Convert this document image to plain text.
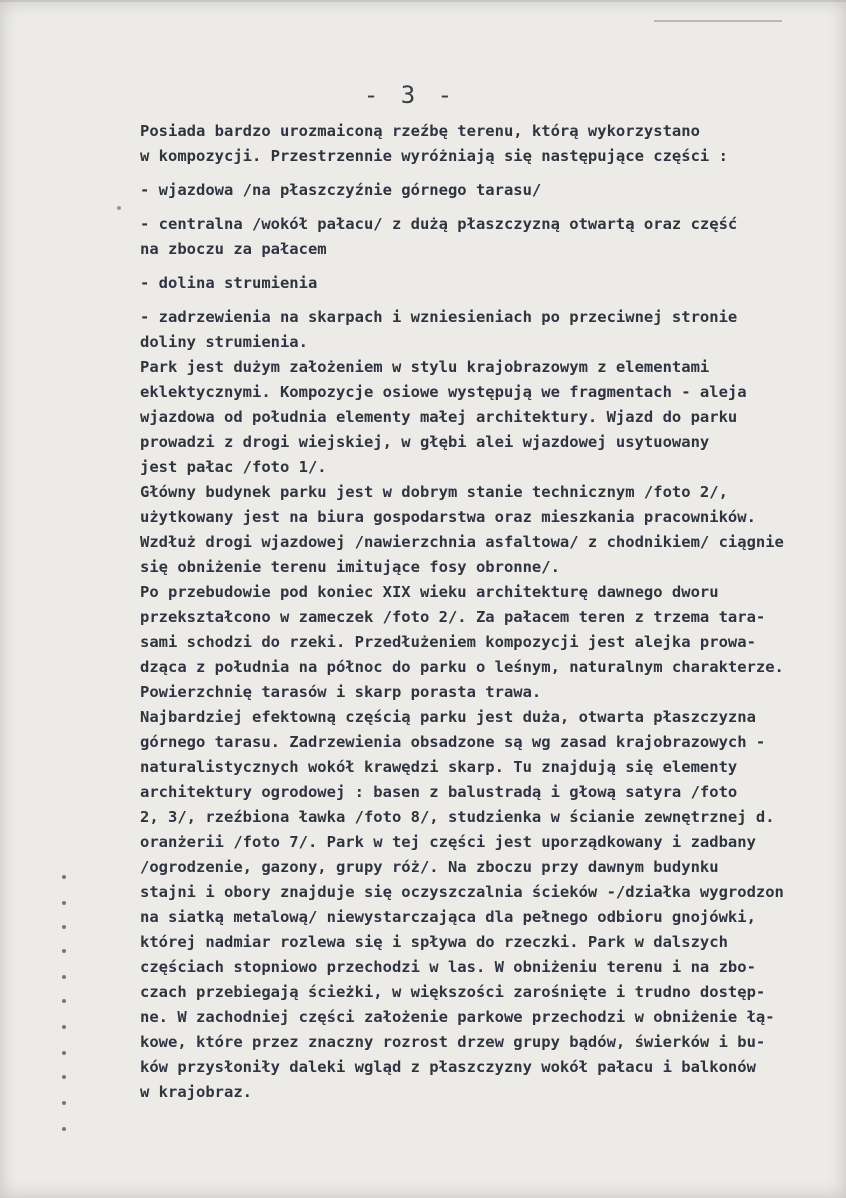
- 3 -
Posiada bardzo urozmaiconą rzeźbę terenu, którą wykorzystano
w kompozycji. Przestrzennie wyróżniają się następujące części :
- wjazdowa /na płaszczyźnie górnego tarasu/
- centralna /wokół pałacu/ z dużą płaszczyzną otwartą oraz część
na zboczu za pałacem
- dolina strumienia
- zadrzewienia na skarpach i wzniesieniach po przeciwnej stronie
doliny strumienia.
Park jest dużym założeniem w stylu krajobrazowym z elementami
eklektycznymi. Kompozycje osiowe występują we fragmentach - aleja
wjazdowa od południa elementy małej architektury. Wjazd do parku
prowadzi z drogi wiejskiej, w głębi alei wjazdowej usytuowany
jest pałac /foto 1/.
Główny budynek parku jest w dobrym stanie technicznym /foto 2/,
użytkowany jest na biura gospodarstwa oraz mieszkania pracowników.
Wzdłuż drogi wjazdowej /nawierzchnia asfaltowa/ z chodnikiem/ ciągnie
się obniżenie terenu imitujące fosy obronne/.
Po przebudowie pod koniec XIX wieku architekturę dawnego dworu
przekształcono w zameczek /foto 2/. Za pałacem teren z trzema tara-
sami schodzi do rzeki. Przedłużeniem kompozycji jest alejka prowa-
dząca z południa na północ do parku o leśnym, naturalnym charakterze.
Powierzchnię tarasów i skarp porasta trawa.
Najbardziej efektowną częścią parku jest duża, otwarta płaszczyzna
górnego tarasu. Zadrzewienia obsadzone są wg zasad krajobrazowych -
naturalistycznych wokół krawędzi skarp. Tu znajdują się elementy
architektury ogrodowej : basen z balustradą i głową satyra /foto
2, 3/, rzeźbiona ławka /foto 8/, studzienka w ścianie zewnętrznej d.
oranżerii /foto 7/. Park w tej części jest uporządkowany i zadbany
/ogrodzenie, gazony, grupy róż/. Na zboczu przy dawnym budynku
stajni i obory znajduje się oczyszczalnia ścieków -/działka wygrodzon
na siatką metalową/ niewystarczająca dla pełnego odbioru gnojówki,
której nadmiar rozlewa się i spływa do rzeczki. Park w dalszych
częściach stopniowo przechodzi w las. W obniżeniu terenu i na zbo-
czach przebiegają ścieżki, w większości zarośnięte i trudno dostęp-
ne. W zachodniej części założenie parkowe przechodzi w obniżenie łą-
kowe, które przez znaczny rozrost drzew grupy bądów, świerków i bu-
ków przysłoniły daleki wgląd z płaszczyzny wokół pałacu i balkonów
w krajobraz.
